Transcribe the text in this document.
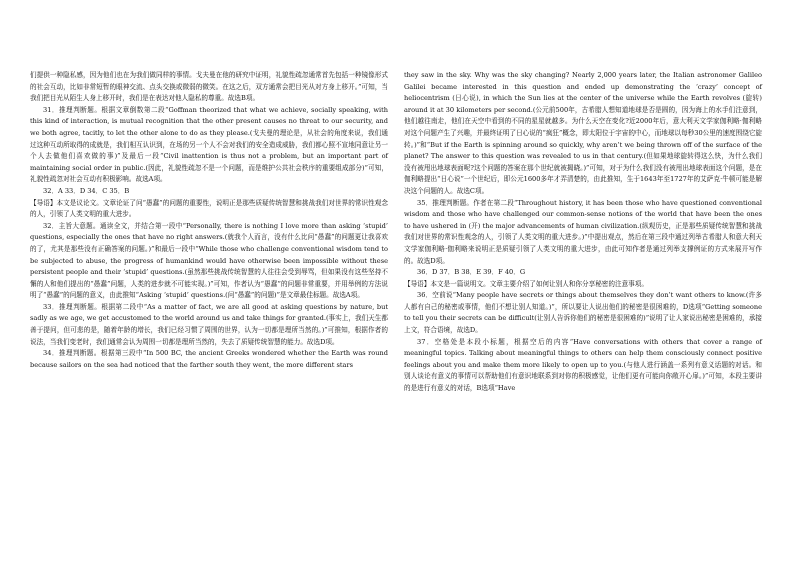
们提供一种隐私感，因为他们也在为我们做同样的事情。戈夫曼在他的研究中证明，礼貌性疏忽通常首先包括一种镜像形式的社会互动，比如非常短暂的眼神交流、点头交换或微弱的微笑。在这之后，双方通常会把目光从对方身上移开。”可知，当我们把目光从陌生人身上移开时，我们是在表达对他人隐私的尊重。故选B项。

31．推理判断题。根据文章倒数第二段“Goffman theorized that what we achieve, socially speaking, with this kind of interaction, is mutual recognition that the other present causes no threat to our security, and we both agree, tacitly, to let the other alone to do as they please.(戈夫曼的理论是，从社会的角度来说，我们通过这种互动所取得的成就是，我们相互认识到，在场的另一个人不会对我们的安全造成威胁，我们都心照不宣地同意让另一个人去做他们喜欢做的事)”及最后一段“Civil inattention is thus not a problem, but an important part of maintaining social order in public.(因此，礼貌性疏忽不是一个问题，而是维护公共社会秩序的重要组成部分)”可知，礼貌性疏忽对社会互动有积极影响。故选A项。

32．A 33．D 34．C 35．B

【导语】本文是议论文。文章论证了问“愚蠢”的问题的重要性，说明正是那些质疑传统智慧和挑战我们对世界的常识性观念的人，引领了人类文明的重大进步。

32．主旨大意题。通读全文，并结合第一段中“Personally, there is nothing I love more than asking ‘stupid’ questions, especially the ones that have no right answers.(就我个人而言，没有什么比问“愚蠢”的问题更让我喜欢的了，尤其是那些没有正确答案的问题。)”和最后一段中“While those who challenge conventional wisdom tend to be subjected to abuse, the progress of humankind would have otherwise been impossible without these persistent people and their ‘stupid’ questions.(虽然那些挑战传统智慧的人往往会受到辱骂，但如果没有这些坚持不懈的人和他们提出的“愚蠢”问题，人类的进步就不可能实现。)”可知，作者认为“愚蠢”的问题非常重要，并用举例的方法说明了“愚蠢”的问题的意义，由此推知“Asking ‘stupid’ questions.(问“愚蠢”的问题)”是文章最佳标题。故选A项。

33．推理判断题。根据第二段中“As a matter of fact, we are all good at asking questions by nature, but sadly as we age, we get accustomed to the world around us and take things for granted.(事实上，我们天生都善于提问，但可悲的是，随着年龄的增长，我们已经习惯了周围的世界，认为一切都是理所当然的。)”可推知，根据作者的说法，当我们变老时，我们通常会认为周围一切都是理所当然的，失去了质疑传统智慧的能力。故选D项。

34．推理判断题。根据第三段中“In 500 BC, the ancient Greeks wondered whether the Earth was round because sailors on the sea had noticed that the farther south they went, the more different stars

they saw in the sky. Why was the sky changing? Nearly 2,000 years later, the Italian astronomer Galileo Galilei became interested in this question and ended up demonstrating the ‘crazy’ concept of heliocentrism (日心说), in which the Sun lies at the center of the universe while the Earth revolves (旋转) around it at 30 kilometers per second.(公元前500年，古希腊人想知道地球是否是圆的，因为海上的水手们注意到，他们越往南走，他们在天空中看到的不同的星星就越多。为什么天空在变化?近2000年后，意大利天文学家伽利略·伽利略对这个问题产生了兴趣，并最终证明了日心说的“疯狂”概念，即太阳位于宇宙的中心，而地球以每秒30公里的速度围绕它旋转。)”和“But if the Earth is spinning around so quickly, why aren’t we being thrown off of the surface of the planet? The answer to this question was revealed to us in that century.(但如果地球旋转得这么快，为什么我们没有被甩出地球表面呢?这个问题的答案在那个世纪就被揭晓。)”可知，对于为什么我们没有被甩出地球表面这个问题，是在伽利略提出“日心说”一个世纪后，即公元1600多年才弄清楚的，由此推知，生于1643年至1727年的艾萨克·牛顿可能是解决这个问题的人。故选C项。

35．推理判断题。作者在第二段“Throughout history, it has been those who have questioned conventional wisdom and those who have challenged our common-sense notions of the world that have been the ones to have ushered in (开) the major advancements of human civilization.(纵观历史，正是那些质疑传统智慧和挑战我们对世界的常识性观念的人，引领了人类文明的重大进步。)”中提出观点，然后在第三段中通过列举古希腊人和意大利天文学家伽利略·伽利略来说明正是质疑引领了人类文明的重大进步，由此可知作者是通过列举支撑例证的方式来展开写作的。故选D项。

36．D 37．B 38．E 39．F 40．G

【导语】本文是一篇说明文。文章主要介绍了如何让别人和你分享秘密的注意事项。

36．空前说“Many people have secrets or things about themselves they don’t want others to know.(许多人都有自己的秘密或事情，他们不想让别人知道。)”，所以要让人说出他们的秘密是很困难的，D选项“Getting someone to tell you their secrets can be difficult(让别人告诉你他们的秘密是很困难的)”说明了让人家说出秘密是困难的，承接上文，符合语境，故选D。

37．空格处是本段小标题，根据空后的内容“Have conversations with others that cover a range of meaningful topics. Talking about meaningful things to others can help them consciously connect positive feelings about you and make them more likely to open up to you.(与他人进行涵盖一系列有意义话题的对话。和别人谈论有意义的事情可以帮助他们有意识地联系到对你的积极感觉，让他们更有可能向你敞开心扉。)”可知，本段主要讲的是进行有意义的对话，B选项“Have
